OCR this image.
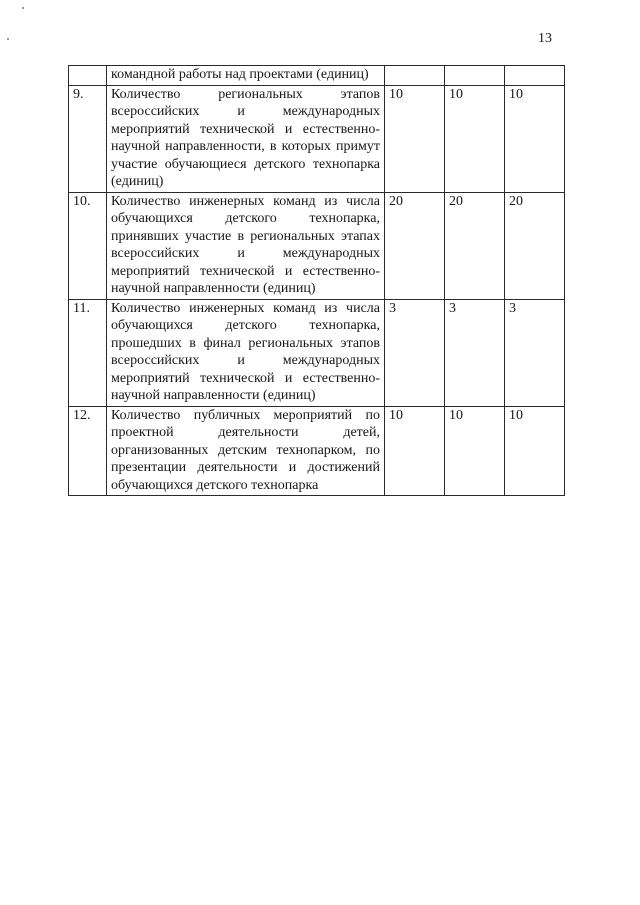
13
	командной работы над проектами (единиц)			
9.	Количество региональных этапов всероссийских и международных мероприятий технической и естественно-научной направленности, в которых примут участие обучающиеся детского технопарка (единиц)	10	10	10
10.	Количество инженерных команд из числа обучающихся детского технопарка, принявших участие в региональных этапах всероссийских и международных мероприятий технической и естественно-научной направленности (единиц)	20	20	20
11.	Количество инженерных команд из числа обучающихся детского технопарка, прошедших в финал региональных этапов всероссийских и международных мероприятий технической и естественно-научной направленности (единиц)	3	3	3
12.	Количество публичных мероприятий по проектной деятельности детей, организованных детским технопарком, по презентации деятельности и достижений обучающихся детского технопарка	10	10	10
